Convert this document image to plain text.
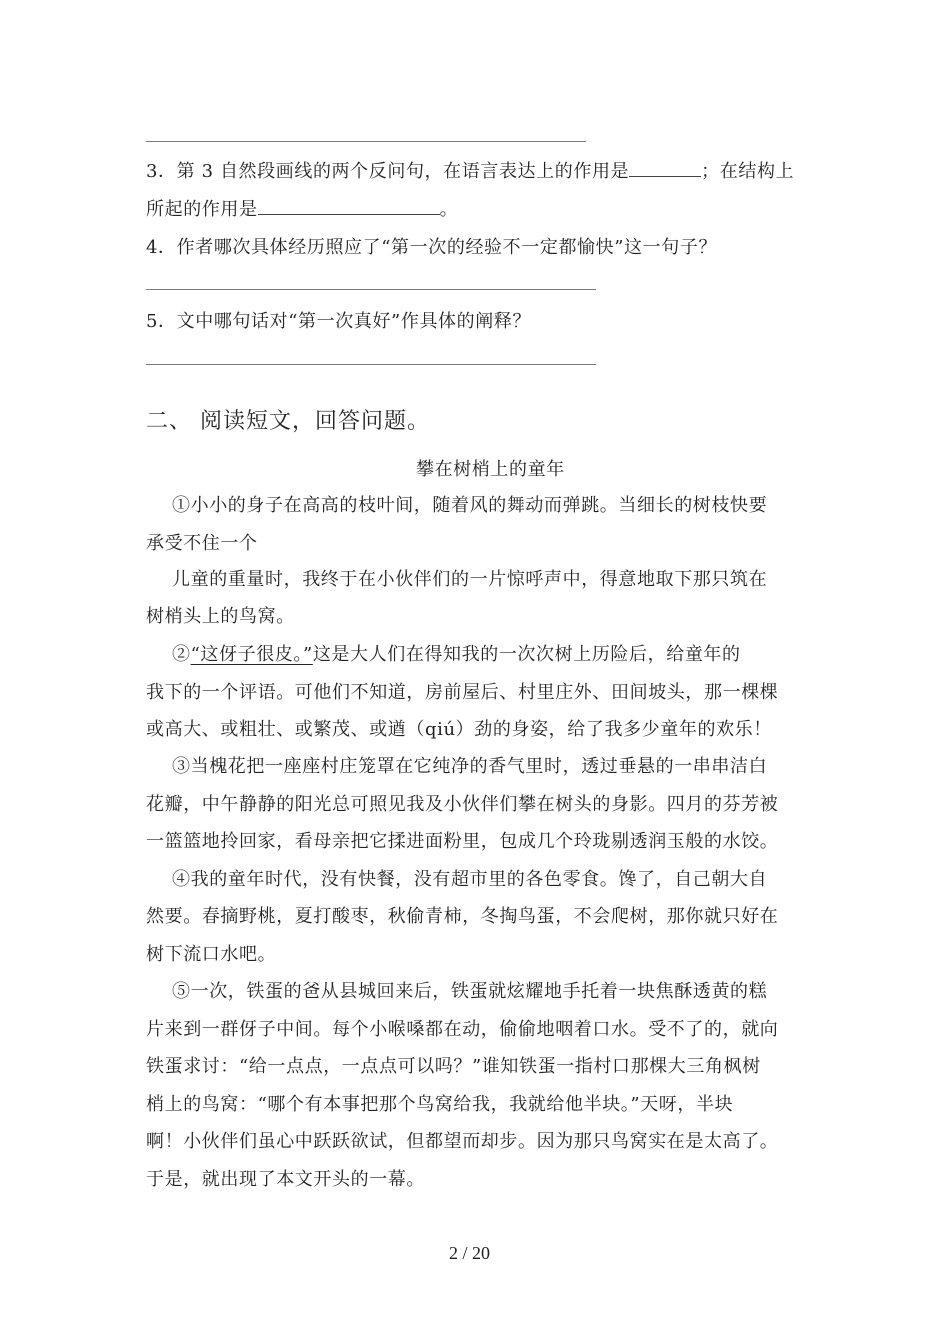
3．第 3 自然段画线的两个反问句，在语言表达上的作用是	；在结构上
所起的作用是	。
4．作者哪次具体经历照应了“第一次的经验不一定都愉快”这一句子？
5．文中哪句话对“第一次真好”作具体的阐释？
二、 阅读短文，回答问题。
攀在树梢上的童年
①小小的身子在高高的枝叶间，随着风的舞动而弹跳。当细长的树枝快要
承受不住一个
儿童的重量时，我终于在小伙伴们的一片惊呼声中，得意地取下那只筑在
树梢头上的鸟窝。
②“这伢子很皮。”这是大人们在得知我的一次次树上历险后，给童年的
我下的一个评语。可他们不知道，房前屋后、村里庄外、田间坡头，那一棵棵
或高大、或粗壮、或繁茂、或遒（qiú）劲的身姿，给了我多少童年的欢乐！
③当槐花把一座座村庄笼罩在它纯净的香气里时，透过垂悬的一串串洁白
花瓣，中午静静的阳光总可照见我及小伙伴们攀在树头的身影。四月的芬芳被
一篮篮地拎回家，看母亲把它揉进面粉里，包成几个玲珑剔透润玉般的水饺。
④我的童年时代，没有快餐，没有超市里的各色零食。馋了，自己朝大自
然要。春摘野桃，夏打酸枣，秋偷青柿，冬掏鸟蛋，不会爬树，那你就只好在
树下流口水吧。
⑤一次，铁蛋的爸从县城回来后，铁蛋就炫耀地手托着一块焦酥透黄的糕
片来到一群伢子中间。每个小喉嗓都在动，偷偷地咽着口水。受不了的，就向
铁蛋求讨：“给一点点，一点点可以吗？”谁知铁蛋一指村口那棵大三角枫树
梢上的鸟窝：“哪个有本事把那个鸟窝给我，我就给他半块。”天呀，半块
啊！小伙伴们虽心中跃跃欲试，但都望而却步。因为那只鸟窝实在是太高了。
于是，就出现了本文开头的一幕。
2 / 20
